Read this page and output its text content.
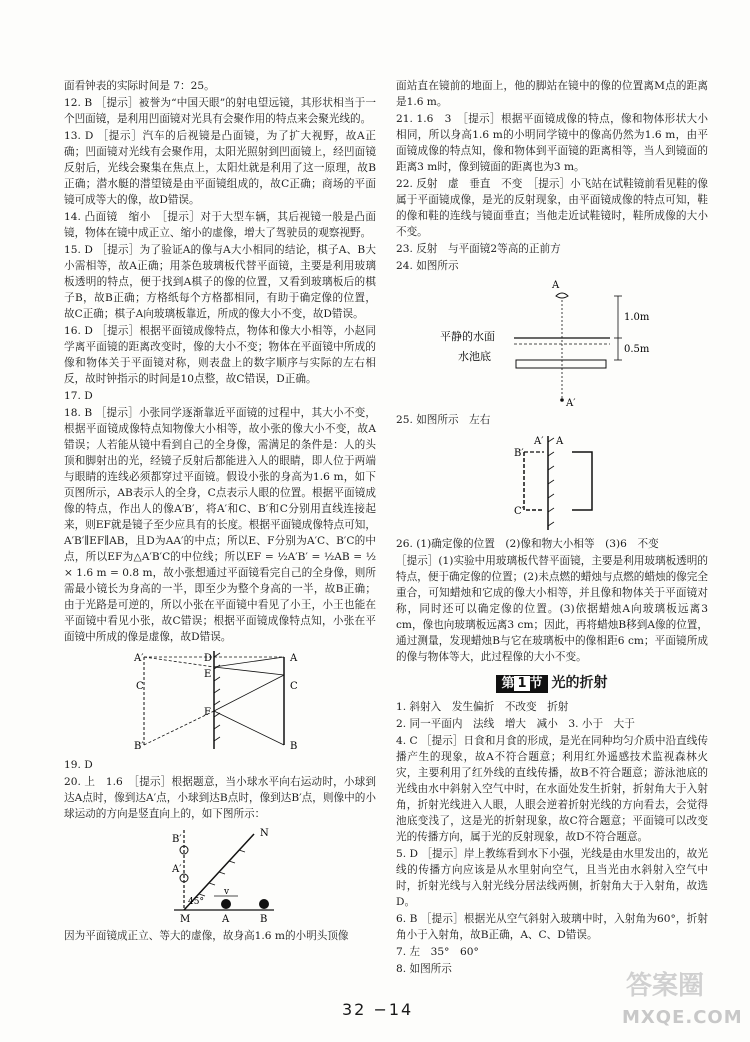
面看钟表的实际时间是 7：25。

12. B ［提示］被誉为“中国天眼”的射电望远镜，其形状相当于一个凹面镜，是利用凹面镜对光具有会聚作用的特点来会聚光线的。

13. D ［提示］汽车的后视镜是凸面镜，为了扩大视野，故A正确；凹面镜对光线有会聚作用，太阳光照射到凹面镜上，经凹面镜反射后，光线会聚集在焦点上，太阳灶就是利用了这一原理，故B正确；潜水艇的潜望镜是由平面镜组成的，故C正确；商场的平面镜可成等大的像，故D错误。

14. 凸面镜　缩小　［提示］对于大型车辆，其后视镜一般是凸面镜，物体在镜中成正立、缩小的虚像，增大了驾驶员的观察视野。

15. D ［提示］为了验证A的像与A大小相同的结论，棋子A、B大小需相等，故A正确；用茶色玻璃板代替平面镜，主要是利用玻璃板透明的特点，便于找到A棋子的像的位置，又看到玻璃板后的棋子B，故B正确；方格纸每个方格都相同，有助于确定像的位置，故C正确；棋子A向玻璃板靠近，所成的像大小不变，故D错误。

16. D ［提示］根据平面镜成像特点，物体和像大小相等，小赵同学离平面镜的距离改变时，像的大小不变；物体在平面镜中所成的像和物体关于平面镜对称，则表盘上的数字顺序与实际的左右相反，故时钟指示的时间是10点整，故C错误，D正确。

17. D

18. B ［提示］小张同学逐渐靠近平面镜的过程中，其大小不变，根据平面镜成像特点知物像大小相等，故小张的像大小不变，故A错误；人若能从镜中看到自己的全身像，需满足的条件是：人的头顶和脚射出的光，经镜子反射后都能进入人的眼睛，即人位于两端与眼睛的连线必须都穿过平面镜。假设小张的身高为1.6 m，如下页图所示，AB表示人的全身，C点表示人眼的位置。根据平面镜成像的特点，作出人的像A′B′，将A′和C、B′和C分别用直线连接起来，则EF就是镜子至少应具有的长度。根据平面镜成像特点可知，A′B′∥EF∥AB，且D为AA′的中点；所以E、F分别为A′C、B′C的中点，所以EF为△A′B′C的中位线；所以EF = ½A′B′ = ½AB = ½ × 1.6 m = 0.8 m，故小张想通过平面镜看完自己的全身像，则所需最小镜长为身高的一半，即至少为整个身高的一半，故B正确；由于光路是可逆的，所以小张在平面镜中看见了小王，小王也能在平面镜中看见小张，故C错误；根据平面镜成像特点知，小张在平面镜中所成的像是虚像，故D错误。

A′
C
B′
D
E
F
A
C
B

19. D

20. 上　1.6　［提示］根据题意，当小球水平向右运动时，小球到达A点时，像到达A′点，小球到达B点时，像到达B′点，则像中的小球运动的方向是竖直向上的，如下图所示：

B′
A′
N
M	A	B
v
45°

因为平面镜成正立、等大的虚像，故身高1.6 m的小明头顶像

面站直在镜前的地面上，他的脚站在镜中的像的位置离M点的距离是1.6 m。

21. 1.6　3　［提示］根据平面镜成像的特点，像和物体形状大小相同，所以身高1.6 m的小明同学镜中的像高仍然为1.6 m，由平面镜成像的特点知，像和物体到平面镜的距离相等，当人到镜面的距离3 m时，像到镜面的距离也为3 m。

22. 反射　虚　垂直　不变　［提示］小飞站在试鞋镜前看见鞋的像属于平面镜成像，是光的反射现象，由平面镜成像的特点可知，鞋的像和鞋的连线与镜面垂直；当他走近试鞋镜时，鞋所成像的大小不变。

23. 反射　与平面镜2等高的正前方

24. 如图所示

A
1.0m
0.5m
平静的水面
水池底
A′

25. 如图所示　左右

B′
C′
A′ A

26. (1)确定像的位置　(2)像和物大小相等　(3)6　不变

［提示］(1)实验中用玻璃板代替平面镜，主要是利用玻璃板透明的特点，便于确定像的位置；(2)未点燃的蜡烛与点燃的蜡烛的像完全重合，可知蜡烛和它成的像大小相等，并且像和物体关于平面镜对称，同时还可以确定像的位置。(3)依据蜡烛A向玻璃板远离3 cm，像也向玻璃板远离3 cm；因此，再将蜡烛B移到A像的位置，通过测量，发现蜡烛B与它在玻璃板中的像相距6 cm；平面镜所成的像与物体等大，此过程像的大小不变。

第 1 节 光的折射

1. 斜射入　发生偏折　不改变　折射

2. 同一平面内　法线　增大　减小　3. 小于　大于

4. C ［提示］日食和月食的形成，是光在同种均匀介质中沿直线传播产生的现象，故A不符合题意；利用红外遥感技术监视森林火灾，主要利用了红外线的直线传播，故B不符合题意；游泳池底的光线由水中斜射入空气中时，在水面处发生折射，折射角大于入射角，折射光线进入人眼，人眼会逆着折射光线的方向看去，会觉得池底变浅了，这是光的折射现象，故C符合题意；平面镜可以改变光的传播方向，属于光的反射现象，故D不符合题意。

5. D ［提示］岸上教练看到水下小强，光线是由水里发出的，故光线的传播方向应该是从水里射向空气，且当光由水斜射入空气中时，折射光线与入射光线分居法线两侧，折射角大于入射角，故选D。

6. B ［提示］根据光从空气斜射入玻璃中时，入射角为60°，折射角小于入射角，故B正确，A、C、D错误。

7. 左　35°　60°

8. 如图所示

32 −14
答案圈
MXQE.COM
